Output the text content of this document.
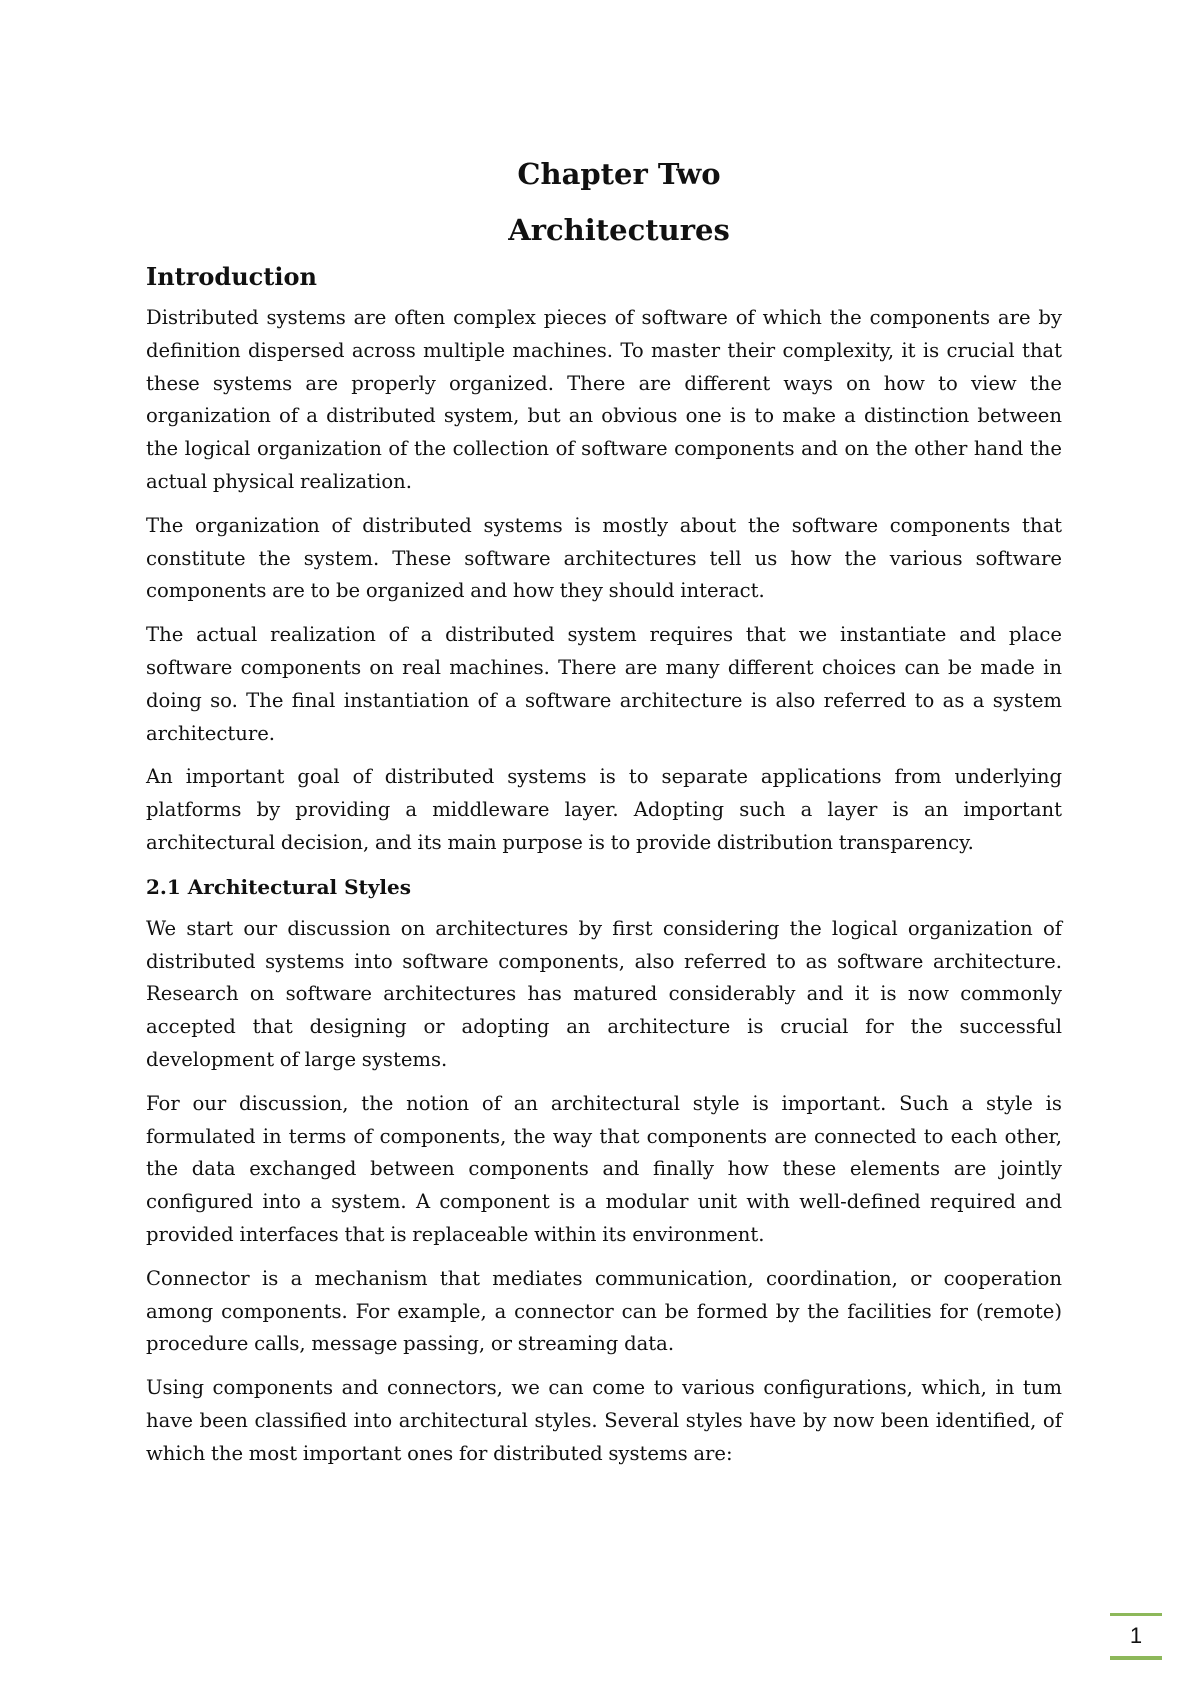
Chapter Two
Architectures
Introduction

Distributed systems are often complex pieces of software of which the components are by definition dispersed across multiple machines. To master their complexity, it is crucial that these systems are properly organized. There are different ways on how to view the organization of a distributed system, but an obvious one is to make a distinction between the logical organization of the collection of software components and on the other hand the actual physical realization.

The organization of distributed systems is mostly about the software components that constitute the system. These software architectures tell us how the various software components are to be organized and how they should interact.

The actual realization of a distributed system requires that we instantiate and place software components on real machines. There are many different choices can be made in doing so. The final instantiation of a software architecture is also referred to as a system architecture.

An important goal of distributed systems is to separate applications from underlying platforms by providing a middleware layer. Adopting such a layer is an important architectural decision, and its main purpose is to provide distribution transparency.

2.1 Architectural Styles

We start our discussion on architectures by first considering the logical organization of distributed systems into software components, also referred to as software architecture. Research on software architectures has matured considerably and it is now commonly accepted that designing or adopting an architecture is crucial for the successful development of large systems.

For our discussion, the notion of an architectural style is important. Such a style is formulated in terms of components, the way that components are connected to each other, the data exchanged between components and finally how these elements are jointly configured into a system. A component is a modular unit with well-defined required and provided interfaces that is replaceable within its environment.

Connector is a mechanism that mediates communication, coordination, or cooperation among components. For example, a connector can be formed by the facilities for (remote) procedure calls, message passing, or streaming data.

Using components and connectors, we can come to various configurations, which, in tum have been classified into architectural styles. Several styles have by now been identified, of which the most important ones for distributed systems are:

1
